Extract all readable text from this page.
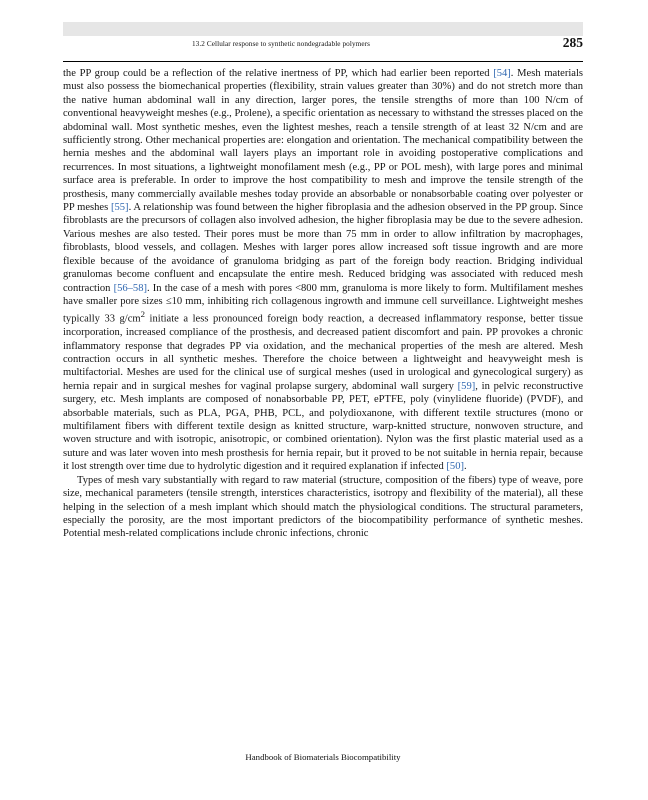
13.2 Cellular response to synthetic nondegradable polymers	285

the PP group could be a reflection of the relative inertness of PP, which had earlier been reported [54]. Mesh materials must also possess the biomechanical properties (flexibility, strain values greater than 30%) and do not stretch more than the native human abdominal wall in any direction, larger pores, the tensile strengths of more than 100 N/cm of conventional heavyweight meshes (e.g., Prolene), a specific orientation as necessary to withstand the stresses placed on the abdominal wall. Most synthetic meshes, even the lightest meshes, reach a tensile strength of at least 32 N/cm and are sufficiently strong. Other mechanical properties are: elongation and orientation. The mechanical compatibility between the hernia meshes and the abdominal wall layers plays an important role in avoiding postoperative complications and recurrences. In most situations, a lightweight monofilament mesh (e.g., PP or POL mesh), with large pores and minimal surface area is preferable. In order to improve the host compatibility to mesh and improve the tensile strength of the prosthesis, many commercially available meshes today provide an absorbable or nonabsorbable coating over polyester or PP meshes [55]. A relationship was found between the higher fibroplasia and the adhesion observed in the PP group. Since fibroblasts are the precursors of collagen also involved adhesion, the higher fibroplasia may be due to the severe adhesion. Various meshes are also tested. Their pores must be more than 75 mm in order to allow infiltration by macrophages, fibroblasts, blood vessels, and collagen. Meshes with larger pores allow increased soft tissue ingrowth and are more flexible because of the avoidance of granuloma bridging as part of the foreign body reaction. Bridging individual granulomas become confluent and encapsulate the entire mesh. Reduced bridging was associated with reduced mesh contraction [56–58]. In the case of a mesh with pores <800 mm, granuloma is more likely to form. Multifilament meshes have smaller pore sizes ≤10 mm, inhibiting rich collagenous ingrowth and immune cell surveillance. Lightweight meshes typically 33 $g/cm^2$ initiate a less pronounced foreign body reaction, a decreased inflammatory response, better tissue incorporation, increased compliance of the prosthesis, and decreased patient discomfort and pain. PP provokes a chronic inflammatory response that degrades PP via oxidation, and the mechanical properties of the mesh are altered. Mesh contraction occurs in all synthetic meshes. Therefore the choice between a lightweight and heavyweight mesh is multifactorial. Meshes are used for the clinical use of surgical meshes (used in urological and gynecological surgery) as hernia repair and in surgical meshes for vaginal prolapse surgery, abdominal wall surgery [59], in pelvic reconstructive surgery, etc. Mesh implants are composed of nonabsorbable PP, PET, ePTFE, poly (vinylidene fluoride) (PVDF), and absorbable materials, such as PLA, PGA, PHB, PCL, and polydioxanone, with different textile structures (mono or multifilament fibers with different textile design as knitted structure, warp-knitted structure, nonwoven structure, and woven structure and with isotropic, anisotropic, or combined orientation). Nylon was the first plastic material used as a suture and was later woven into mesh prosthesis for hernia repair, but it proved to be not suitable in hernia repair, because it lost strength over time due to hydrolytic digestion and it required explanation if infected [50].

Types of mesh vary substantially with regard to raw material (structure, composition of the fibers) type of weave, pore size, mechanical parameters (tensile strength, interstices characteristics, isotropy and flexibility of the material), all these helping in the selection of a mesh implant which should match the physiological conditions. The structural parameters, especially the porosity, are the most important predictors of the biocompatibility performance of synthetic meshes. Potential mesh-related complications include chronic infections, chronic

Handbook of Biomaterials Biocompatibility
